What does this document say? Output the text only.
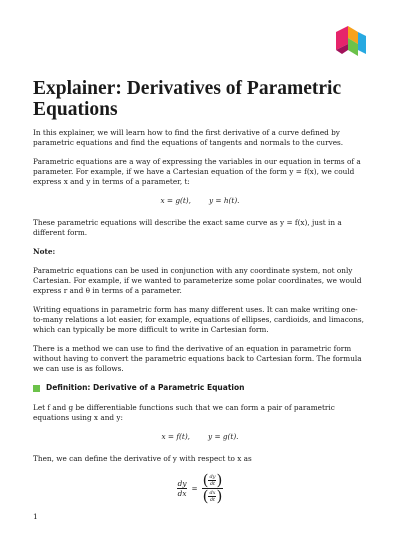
Explainer: Derivatives of Parametric Equations

In this explainer, we will learn how to find the first derivative of a curve defined by parametric equations and find the equations of tangents and normals to the curves.

Parametric equations are a way of expressing the variables in our equation in terms of a parameter. For example, if we have a Cartesian equation of the form y = f(x), we could express x and y in terms of a parameter, t:

x = g(t), y = h(t).

These parametric equations will describe the exact same curve as y = f(x), just in a different form.

Note:

Parametric equations can be used in conjunction with any coordinate system, not only Cartesian. For example, if we wanted to parameterize some polar coordinates, we would express r and θ in terms of a parameter.

Writing equations in parametric form has many different uses. It can make writing one-to-many relations a lot easier, for example, equations of ellipses, cardioids, and limacons, which can typically be more difficult to write in Cartesian form.

There is a method we can use to find the derivative of an equation in parametric form without having to convert the parametric equations back to Cartesian form. The formula we can use is as follows.

Definition: Derivative of a Parametric Equation

Let f and g be differentiable functions such that we can form a pair of parametric equations using x and y:

x = f(t), y = g(t).

Then, we can define the derivative of y with respect to x as

$\frac{dy}{dx} = \frac{( \frac{dy}{dt} )}{( \frac{dx}{dt} )}$
1
